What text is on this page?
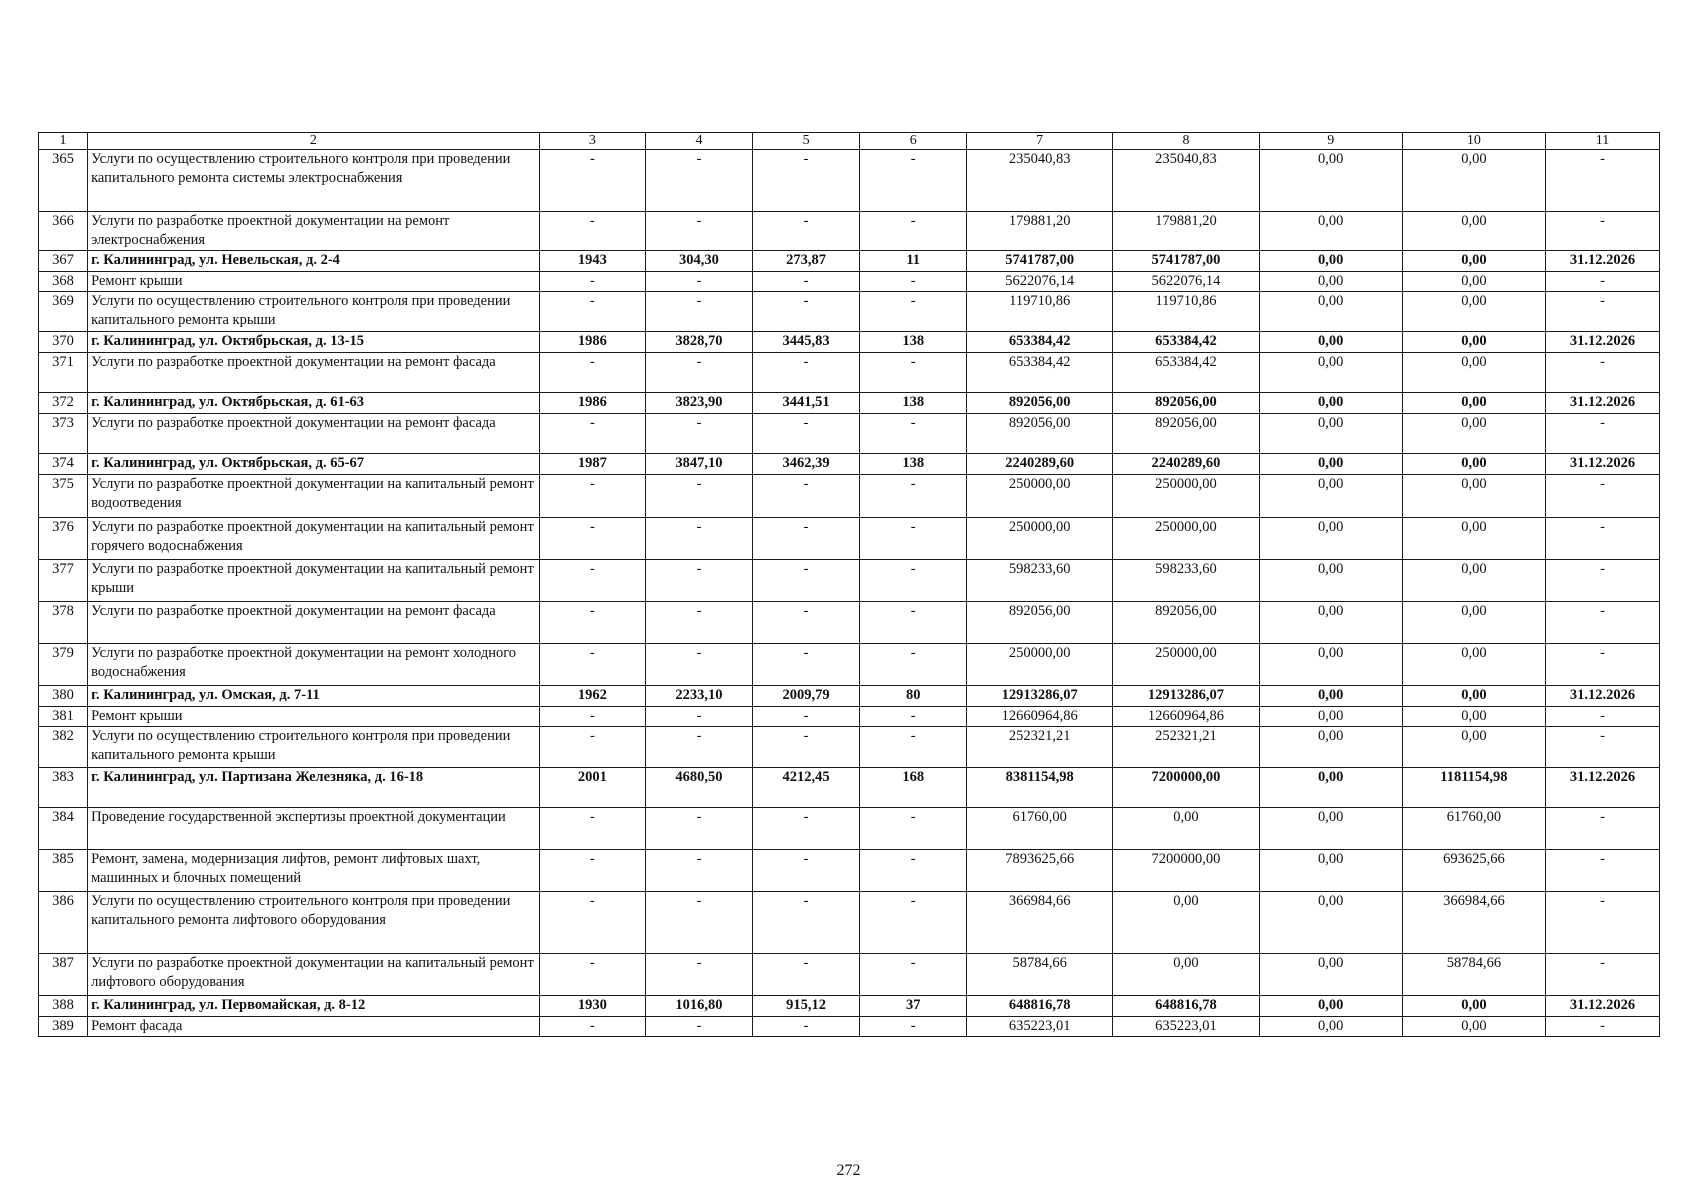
1	2	3	4	5	6	7	8	9	10	11
365	Услуги по осуществлению строительного контроля при проведении капитального ремонта системы электроснабжения	-	-	-	-	235040,83	235040,83	0,00	0,00	-
366	Услуги по разработке проектной документации на ремонт электроснабжения	-	-	-	-	179881,20	179881,20	0,00	0,00	-
367	г. Калининград, ул. Невельская, д. 2-4	1943	304,30	273,87	11	5741787,00	5741787,00	0,00	0,00	31.12.2026
368	Ремонт крыши	-	-	-	-	5622076,14	5622076,14	0,00	0,00	-
369	Услуги по осуществлению строительного контроля при проведении капитального ремонта крыши	-	-	-	-	119710,86	119710,86	0,00	0,00	-
370	г. Калининград, ул. Октябрьская, д. 13-15	1986	3828,70	3445,83	138	653384,42	653384,42	0,00	0,00	31.12.2026
371	Услуги по разработке проектной документации на ремонт фасада	-	-	-	-	653384,42	653384,42	0,00	0,00	-
372	г. Калининград, ул. Октябрьская, д. 61-63	1986	3823,90	3441,51	138	892056,00	892056,00	0,00	0,00	31.12.2026
373	Услуги по разработке проектной документации на ремонт фасада	-	-	-	-	892056,00	892056,00	0,00	0,00	-
374	г. Калининград, ул. Октябрьская, д. 65-67	1987	3847,10	3462,39	138	2240289,60	2240289,60	0,00	0,00	31.12.2026
375	Услуги по разработке проектной документации на капитальный ремонт водоотведения	-	-	-	-	250000,00	250000,00	0,00	0,00	-
376	Услуги по разработке проектной документации на капитальный ремонт горячего водоснабжения	-	-	-	-	250000,00	250000,00	0,00	0,00	-
377	Услуги по разработке проектной документации на капитальный ремонт крыши	-	-	-	-	598233,60	598233,60	0,00	0,00	-
378	Услуги по разработке проектной документации на ремонт фасада	-	-	-	-	892056,00	892056,00	0,00	0,00	-
379	Услуги по разработке проектной документации на ремонт холодного водоснабжения	-	-	-	-	250000,00	250000,00	0,00	0,00	-
380	г. Калининград, ул. Омская, д. 7-11	1962	2233,10	2009,79	80	12913286,07	12913286,07	0,00	0,00	31.12.2026
381	Ремонт крыши	-	-	-	-	12660964,86	12660964,86	0,00	0,00	-
382	Услуги по осуществлению строительного контроля при проведении капитального ремонта крыши	-	-	-	-	252321,21	252321,21	0,00	0,00	-
383	г. Калининград, ул. Партизана Железняка, д. 16-18	2001	4680,50	4212,45	168	8381154,98	7200000,00	0,00	1181154,98	31.12.2026
384	Проведение государственной экспертизы проектной документации	-	-	-	-	61760,00	0,00	0,00	61760,00	-
385	Ремонт, замена, модернизация лифтов, ремонт лифтовых шахт, машинных и блочных помещений	-	-	-	-	7893625,66	7200000,00	0,00	693625,66	-
386	Услуги по осуществлению строительного контроля при проведении капитального ремонта лифтового оборудования	-	-	-	-	366984,66	0,00	0,00	366984,66	-
387	Услуги по разработке проектной документации на капитальный ремонт лифтового оборудования	-	-	-	-	58784,66	0,00	0,00	58784,66	-
388	г. Калининград, ул. Первомайская, д. 8-12	1930	1016,80	915,12	37	648816,78	648816,78	0,00	0,00	31.12.2026
389	Ремонт фасада	-	-	-	-	635223,01	635223,01	0,00	0,00	-
272
